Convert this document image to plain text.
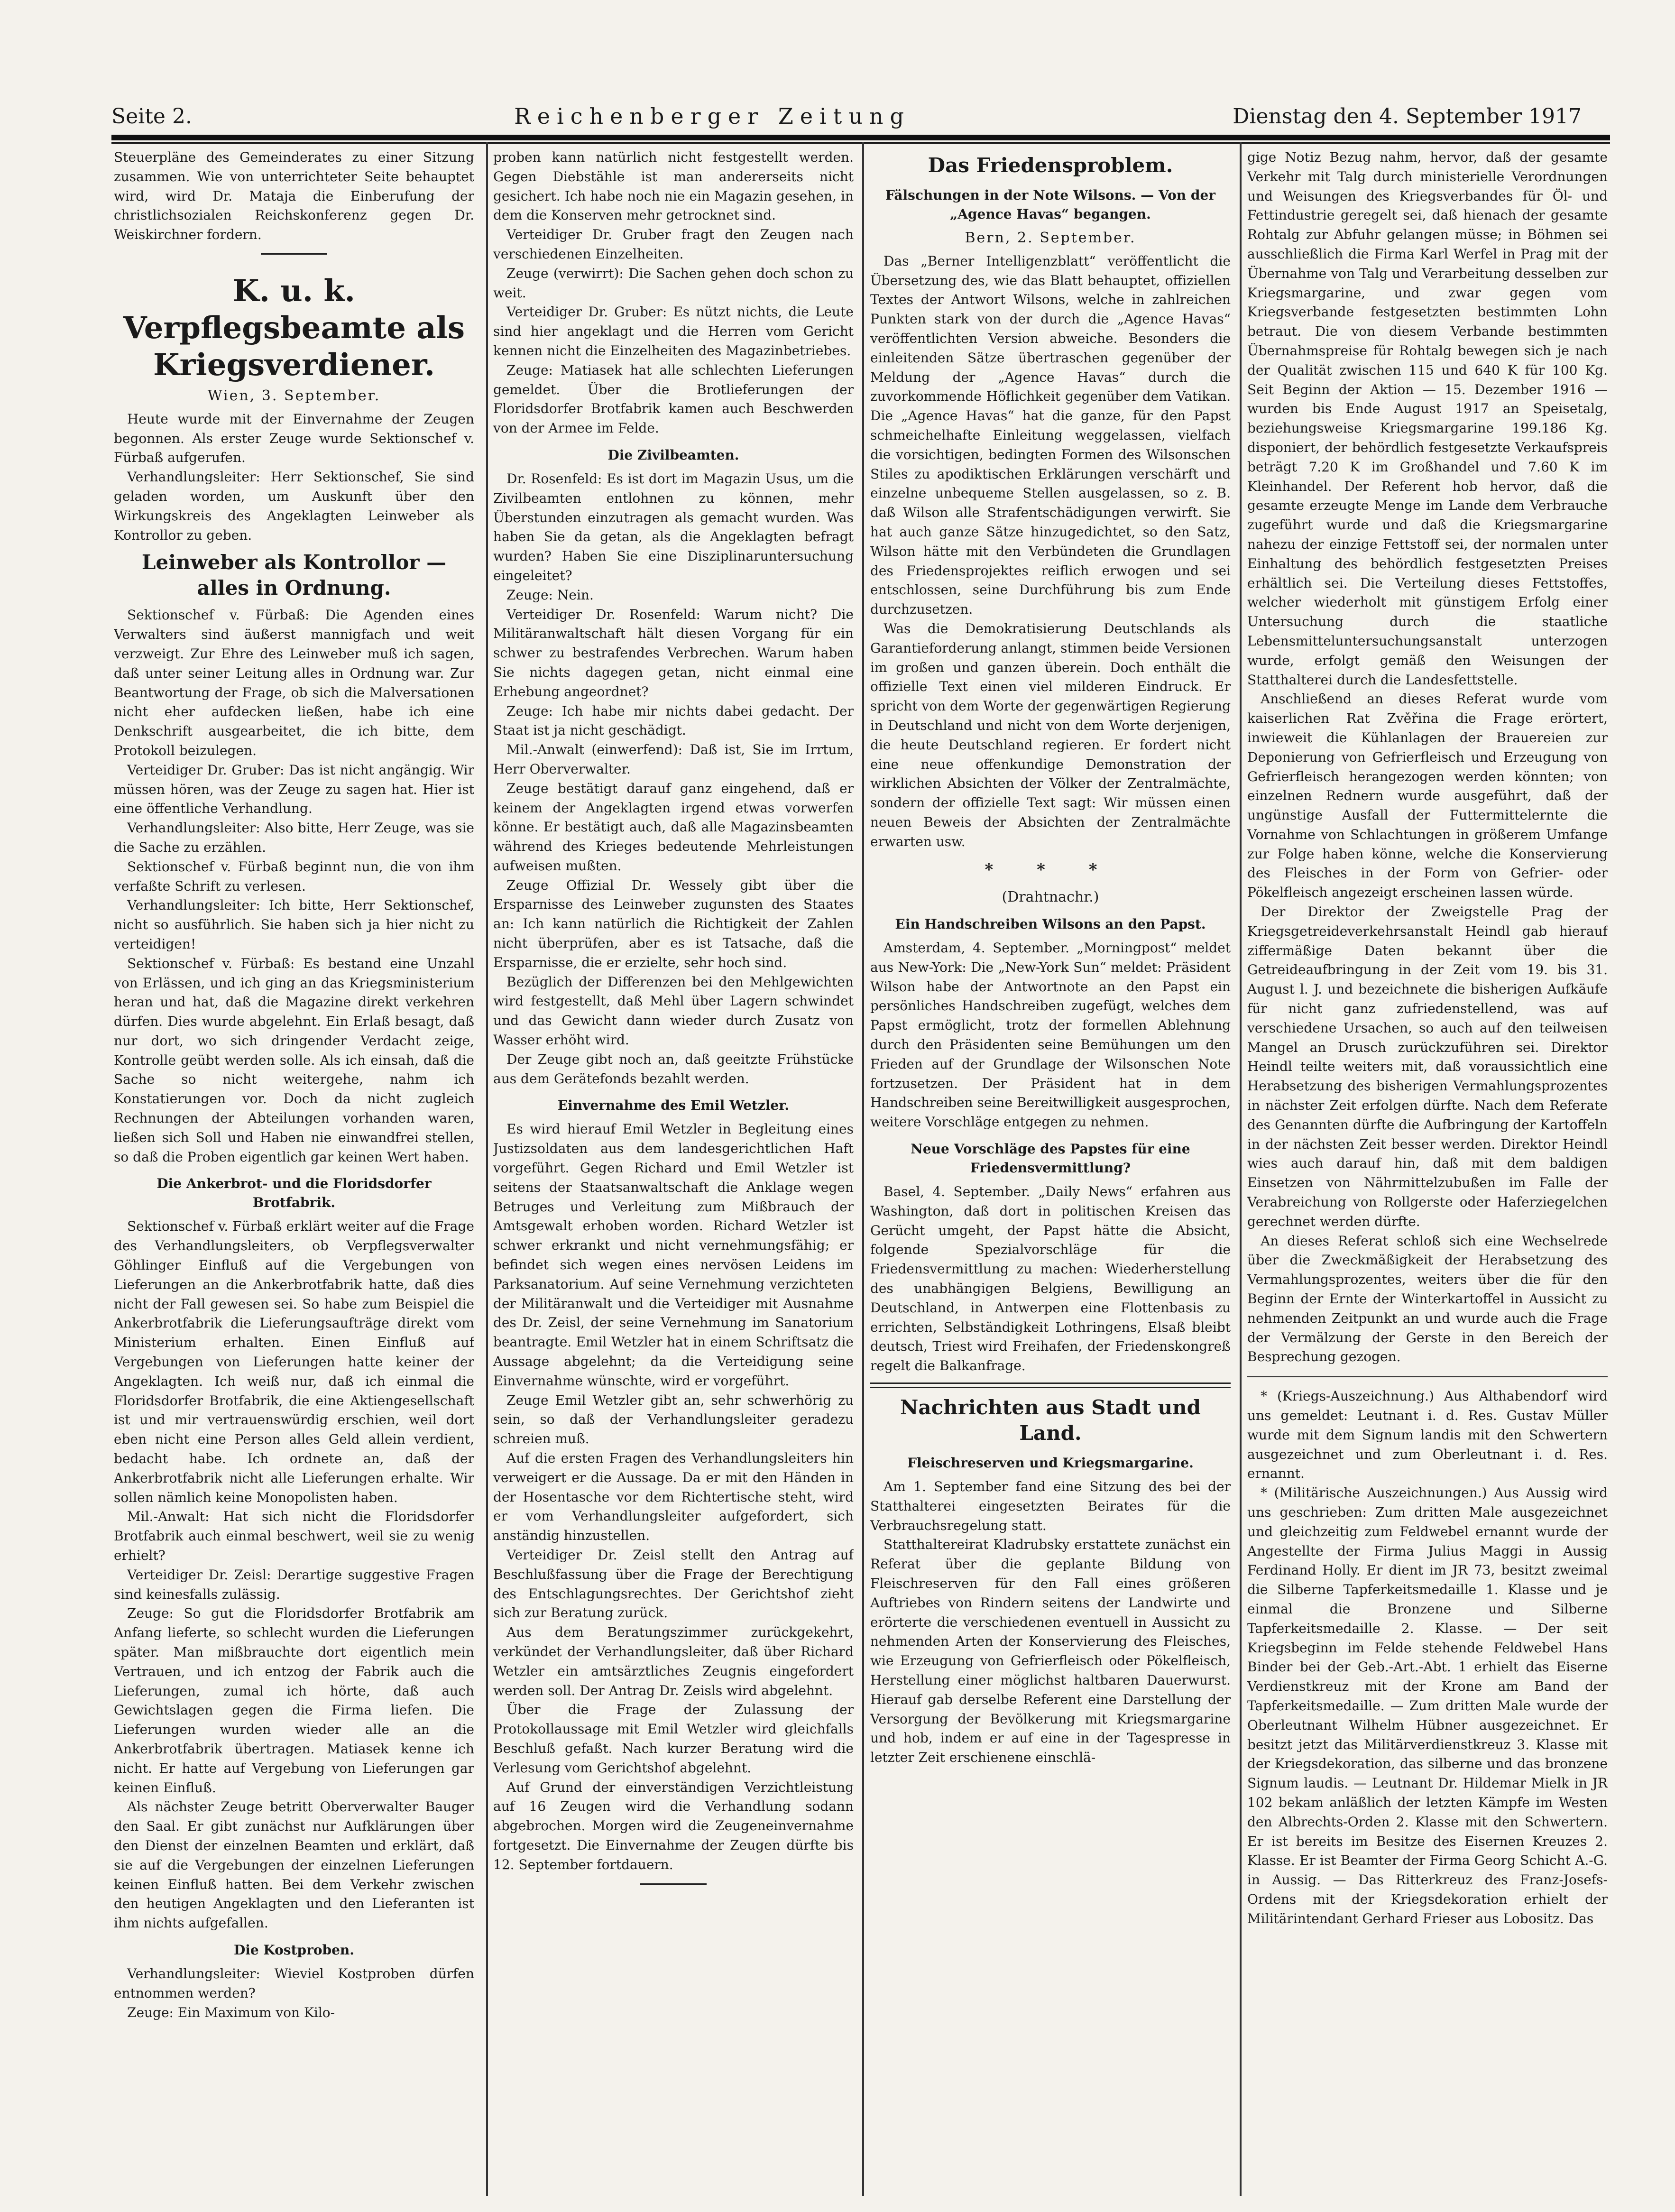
Seite 2.	Reichenberger Zeitung	Dienstag den 4. September 1917

Steuerpläne des Gemeinderates zu einer Sitzung zusammen. Wie von unterrichteter Seite behauptet wird, wird Dr. Mataja die Einberufung der christlichsozialen Reichskonferenz gegen Dr. Weiskirchner fordern.

K. u. k. Verpflegsbeamte als Kriegsverdiener.
Wien, 3. September.

Heute wurde mit der Einvernahme der Zeugen begonnen. Als erster Zeuge wurde Sektionschef v. Fürbaß aufgerufen.

Verhandlungsleiter: Herr Sektionschef, Sie sind geladen worden, um Auskunft über den Wirkungskreis des Angeklagten Leinweber als Kontrollor zu geben.

Leinweber als Kontrollor — alles in Ordnung.

Sektionschef v. Fürbaß: Die Agenden eines Verwalters sind äußerst mannigfach und weit verzweigt. Zur Ehre des Leinweber muß ich sagen, daß unter seiner Leitung alles in Ordnung war. Zur Beantwortung der Frage, ob sich die Malversationen nicht eher aufdecken ließen, habe ich eine Denkschrift ausgearbeitet, die ich bitte, dem Protokoll beizulegen.

Verteidiger Dr. Gruber: Das ist nicht angängig. Wir müssen hören, was der Zeuge zu sagen hat. Hier ist eine öffentliche Verhandlung.

Verhandlungsleiter: Also bitte, Herr Zeuge, was sie die Sache zu erzählen.

Sektionschef v. Fürbaß beginnt nun, die von ihm verfaßte Schrift zu verlesen.

Verhandlungsleiter: Ich bitte, Herr Sektionschef, nicht so ausführlich. Sie haben sich ja hier nicht zu verteidigen!

Sektionschef v. Fürbaß: Es bestand eine Unzahl von Erlässen, und ich ging an das Kriegsministerium heran und hat, daß die Magazine direkt verkehren dürfen. Dies wurde abgelehnt. Ein Erlaß besagt, daß nur dort, wo sich dringender Verdacht zeige, Kontrolle geübt werden solle. Als ich einsah, daß die Sache so nicht weitergehe, nahm ich Konstatierungen vor. Doch da nicht zugleich Rechnungen der Abteilungen vorhanden waren, ließen sich Soll und Haben nie einwandfrei stellen, so daß die Proben eigentlich gar keinen Wert haben.

Die Ankerbrot- und die Floridsdorfer Brotfabrik.

Sektionschef v. Fürbaß erklärt weiter auf die Frage des Verhandlungsleiters, ob Verpflegsverwalter Göhlinger Einfluß auf die Vergebungen von Lieferungen an die Ankerbrotfabrik hatte, daß dies nicht der Fall gewesen sei. So habe zum Beispiel die Ankerbrotfabrik die Lieferungsaufträge direkt vom Ministerium erhalten. Einen Einfluß auf Vergebungen von Lieferungen hatte keiner der Angeklagten. Ich weiß nur, daß ich einmal die Floridsdorfer Brotfabrik, die eine Aktiengesellschaft ist und mir vertrauenswürdig erschien, weil dort eben nicht eine Person alles Geld allein verdient, bedacht habe. Ich ordnete an, daß der Ankerbrotfabrik nicht alle Lieferungen erhalte. Wir sollen nämlich keine Monopolisten haben.

Mil.-Anwalt: Hat sich nicht die Floridsdorfer Brotfabrik auch einmal beschwert, weil sie zu wenig erhielt?

Verteidiger Dr. Zeisl: Derartige suggestive Fragen sind keinesfalls zulässig.

Zeuge: So gut die Floridsdorfer Brotfabrik am Anfang lieferte, so schlecht wurden die Lieferungen später. Man mißbrauchte dort eigentlich mein Vertrauen, und ich entzog der Fabrik auch die Lieferungen, zumal ich hörte, daß auch Gewichtslagen gegen die Firma liefen. Die Lieferungen wurden wieder alle an die Ankerbrotfabrik übertragen. Matiasek kenne ich nicht. Er hatte auf Vergebung von Lieferungen gar keinen Einfluß.

Als nächster Zeuge betritt Oberverwalter Bauger den Saal. Er gibt zunächst nur Aufklärungen über den Dienst der einzelnen Beamten und erklärt, daß sie auf die Vergebungen der einzelnen Lieferungen keinen Einfluß hatten. Bei dem Verkehr zwischen den heutigen Angeklagten und den Lieferanten ist ihm nichts aufgefallen.

Die Kostproben.

Verhandlungsleiter: Wieviel Kostproben dürfen entnommen werden?

Zeuge: Ein Maximum von Kilo-

proben kann natürlich nicht festgestellt werden. Gegen Diebstähle ist man andererseits nicht gesichert. Ich habe noch nie ein Magazin gesehen, in dem die Konserven mehr getrocknet sind.

Verteidiger Dr. Gruber fragt den Zeugen nach verschiedenen Einzelheiten.

Zeuge (verwirrt): Die Sachen gehen doch schon zu weit.

Verteidiger Dr. Gruber: Es nützt nichts, die Leute sind hier angeklagt und die Herren vom Gericht kennen nicht die Einzelheiten des Magazinbetriebes.

Zeuge: Matiasek hat alle schlechten Lieferungen gemeldet. Über die Brotlieferungen der Floridsdorfer Brotfabrik kamen auch Beschwerden von der Armee im Felde.

Die Zivilbeamten.

Dr. Rosenfeld: Es ist dort im Magazin Usus, um die Zivilbeamten entlohnen zu können, mehr Überstunden einzutragen als gemacht wurden. Was haben Sie da getan, als die Angeklagten befragt wurden? Haben Sie eine Disziplinaruntersuchung eingeleitet?

Zeuge: Nein.

Verteidiger Dr. Rosenfeld: Warum nicht? Die Militäranwaltschaft hält diesen Vorgang für ein schwer zu bestrafendes Verbrechen. Warum haben Sie nichts dagegen getan, nicht einmal eine Erhebung angeordnet?

Zeuge: Ich habe mir nichts dabei gedacht. Der Staat ist ja nicht geschädigt.

Mil.-Anwalt (einwerfend): Daß ist, Sie im Irrtum, Herr Oberverwalter.

Zeuge bestätigt darauf ganz eingehend, daß er keinem der Angeklagten irgend etwas vorwerfen könne. Er bestätigt auch, daß alle Magazinsbeamten während des Krieges bedeutende Mehrleistungen aufweisen mußten.

Zeuge Offizial Dr. Wessely gibt über die Ersparnisse des Leinweber zugunsten des Staates an: Ich kann natürlich die Richtigkeit der Zahlen nicht überprüfen, aber es ist Tatsache, daß die Ersparnisse, die er erzielte, sehr hoch sind.

Bezüglich der Differenzen bei den Mehlgewichten wird festgestellt, daß Mehl über Lagern schwindet und das Gewicht dann wieder durch Zusatz von Wasser erhöht wird.

Der Zeuge gibt noch an, daß geeitzte Frühstücke aus dem Gerätefonds bezahlt werden.

Einvernahme des Emil Wetzler.

Es wird hierauf Emil Wetzler in Begleitung eines Justizsoldaten aus dem landesgerichtlichen Haft vorgeführt. Gegen Richard und Emil Wetzler ist seitens der Staatsanwaltschaft die Anklage wegen Betruges und Verleitung zum Mißbrauch der Amtsgewalt erhoben worden. Richard Wetzler ist schwer erkrankt und nicht vernehmungsfähig; er befindet sich wegen eines nervösen Leidens im Parksanatorium. Auf seine Vernehmung verzichteten der Militäranwalt und die Verteidiger mit Ausnahme des Dr. Zeisl, der seine Vernehmung im Sanatorium beantragte. Emil Wetzler hat in einem Schriftsatz die Aussage abgelehnt; da die Verteidigung seine Einvernahme wünschte, wird er vorgeführt.

Zeuge Emil Wetzler gibt an, sehr schwerhörig zu sein, so daß der Verhandlungsleiter geradezu schreien muß.

Auf die ersten Fragen des Verhandlungsleiters hin verweigert er die Aussage. Da er mit den Händen in der Hosentasche vor dem Richtertische steht, wird er vom Verhandlungsleiter aufgefordert, sich anständig hinzustellen.

Verteidiger Dr. Zeisl stellt den Antrag auf Beschlußfassung über die Frage der Berechtigung des Entschlagungsrechtes. Der Gerichtshof zieht sich zur Beratung zurück.

Aus dem Beratungszimmer zurückgekehrt, verkündet der Verhandlungsleiter, daß über Richard Wetzler ein amtsärztliches Zeugnis eingefordert werden soll. Der Antrag Dr. Zeisls wird abgelehnt.

Über die Frage der Zulassung der Protokollaussage mit Emil Wetzler wird gleichfalls Beschluß gefaßt. Nach kurzer Beratung wird die Verlesung vom Gerichtshof abgelehnt.

Auf Grund der einverständigen Verzichtleistung auf 16 Zeugen wird die Verhandlung sodann abgebrochen. Morgen wird die Zeugeneinvernahme fortgesetzt. Die Einvernahme der Zeugen dürfte bis 12. September fortdauern.

Das Friedensproblem.
Fälschungen in der Note Wilsons. — Von der „Agence Havas“ begangen.
Bern, 2. September.

Das „Berner Intelligenzblatt“ veröffentlicht die Übersetzung des, wie das Blatt behauptet, offiziellen Textes der Antwort Wilsons, welche in zahlreichen Punkten stark von der durch die „Agence Havas“ veröffentlichten Version abweiche. Besonders die einleitenden Sätze übertraschen gegenüber der Meldung der „Agence Havas“ durch die zuvorkommende Höflichkeit gegenüber dem Vatikan. Die „Agence Havas“ hat die ganze, für den Papst schmeichelhafte Einleitung weggelassen, vielfach die vorsichtigen, bedingten Formen des Wilsonschen Stiles zu apodiktischen Erklärungen verschärft und einzelne unbequeme Stellen ausgelassen, so z. B. daß Wilson alle Strafentschädigungen verwirft. Sie hat auch ganze Sätze hinzugedichtet, so den Satz, Wilson hätte mit den Verbündeten die Grundlagen des Friedensprojektes reiflich erwogen und sei entschlossen, seine Durchführung bis zum Ende durchzusetzen.

Was die Demokratisierung Deutschlands als Garantieforderung anlangt, stimmen beide Versionen im großen und ganzen überein. Doch enthält die offizielle Text einen viel milderen Eindruck. Er spricht von dem Worte der gegenwärtigen Regierung in Deutschland und nicht von dem Worte derjenigen, die heute Deutschland regieren. Er fordert nicht eine neue offenkundige Demonstration der wirklichen Absichten der Völker der Zentralmächte, sondern der offizielle Text sagt: Wir müssen einen neuen Beweis der Absichten der Zentralmächte erwarten usw.

* * *
(Drahtnachr.)
Ein Handschreiben Wilsons an den Papst.

Amsterdam, 4. September. „Morningpost“ meldet aus New-York: Die „New-York Sun“ meldet: Präsident Wilson habe der Antwortnote an den Papst ein persönliches Handschreiben zugefügt, welches dem Papst ermöglicht, trotz der formellen Ablehnung durch den Präsidenten seine Bemühungen um den Frieden auf der Grundlage der Wilsonschen Note fortzusetzen. Der Präsident hat in dem Handschreiben seine Bereitwilligkeit ausgesprochen, weitere Vorschläge entgegen zu nehmen.

Neue Vorschläge des Papstes für eine Friedensvermittlung?

Basel, 4. September. „Daily News“ erfahren aus Washington, daß dort in politischen Kreisen das Gerücht umgeht, der Papst hätte die Absicht, folgende Spezialvorschläge für die Friedensvermittlung zu machen: Wiederherstellung des unabhängigen Belgiens, Bewilligung an Deutschland, in Antwerpen eine Flottenbasis zu errichten, Selbständigkeit Lothringens, Elsaß bleibt deutsch, Triest wird Freihafen, der Friedenskongreß regelt die Balkanfrage.

Nachrichten aus Stadt und Land.
Fleischreserven und Kriegsmargarine.

Am 1. September fand eine Sitzung des bei der Statthalterei eingesetzten Beirates für die Verbrauchsregelung statt.

Statthaltereirat Kladrubsky erstattete zunächst ein Referat über die geplante Bildung von Fleischreserven für den Fall eines größeren Auftriebes von Rindern seitens der Landwirte und erörterte die verschiedenen eventuell in Aussicht zu nehmenden Arten der Konservierung des Fleisches, wie Erzeugung von Gefrierfleisch oder Pökelfleisch, Herstellung einer möglichst haltbaren Dauerwurst. Hierauf gab derselbe Referent eine Darstellung der Versorgung der Bevölkerung mit Kriegsmargarine und hob, indem er auf eine in der Tagespresse in letzter Zeit erschienene einschlä-

gige Notiz Bezug nahm, hervor, daß der gesamte Verkehr mit Talg durch ministerielle Verordnungen und Weisungen des Kriegsverbandes für Öl- und Fettindustrie geregelt sei, daß hienach der gesamte Rohtalg zur Abfuhr gelangen müsse; in Böhmen sei ausschließlich die Firma Karl Werfel in Prag mit der Übernahme von Talg und Verarbeitung desselben zur Kriegsmargarine, und zwar gegen vom Kriegsverbande festgesetzten bestimmten Lohn betraut. Die von diesem Verbande bestimmten Übernahmspreise für Rohtalg bewegen sich je nach der Qualität zwischen 115 und 640 K für 100 Kg. Seit Beginn der Aktion — 15. Dezember 1916 — wurden bis Ende August 1917 an Speisetalg, beziehungsweise Kriegsmargarine 199.186 Kg. disponiert, der behördlich festgesetzte Verkaufspreis beträgt 7.20 K im Großhandel und 7.60 K im Kleinhandel. Der Referent hob hervor, daß die gesamte erzeugte Menge im Lande dem Verbrauche zugeführt wurde und daß die Kriegsmargarine nahezu der einzige Fettstoff sei, der normalen unter Einhaltung des behördlich festgesetzten Preises erhältlich sei. Die Verteilung dieses Fettstoffes, welcher wiederholt mit günstigem Erfolg einer Untersuchung durch die staatliche Lebensmitteluntersuchungsanstalt unterzogen wurde, erfolgt gemäß den Weisungen der Statthalterei durch die Landesfettstelle.

Anschließend an dieses Referat wurde vom kaiserlichen Rat Zvěřina die Frage erörtert, inwieweit die Kühlanlagen der Brauereien zur Deponierung von Gefrierfleisch und Erzeugung von Gefrierfleisch herangezogen werden könnten; von einzelnen Rednern wurde ausgeführt, daß der ungünstige Ausfall der Futtermittelernte die Vornahme von Schlachtungen in größerem Umfange zur Folge haben könne, welche die Konservierung des Fleisches in der Form von Gefrier- oder Pökelfleisch angezeigt erscheinen lassen würde.

Der Direktor der Zweigstelle Prag der Kriegsgetreideverkehrsanstalt Heindl gab hierauf ziffermäßige Daten bekannt über die Getreideaufbringung in der Zeit vom 19. bis 31. August l. J. und bezeichnete die bisherigen Aufkäufe für nicht ganz zufriedenstellend, was auf verschiedene Ursachen, so auch auf den teilweisen Mangel an Drusch zurückzuführen sei. Direktor Heindl teilte weiters mit, daß voraussichtlich eine Herabsetzung des bisherigen Vermahlungsprozentes in nächster Zeit erfolgen dürfte. Nach dem Referate des Genannten dürfte die Aufbringung der Kartoffeln in der nächsten Zeit besser werden. Direktor Heindl wies auch darauf hin, daß mit dem baldigen Einsetzen von Nährmittelzubußen im Falle der Verabreichung von Rollgerste oder Haferziegelchen gerechnet werden dürfte.

An dieses Referat schloß sich eine Wechselrede über die Zweckmäßigkeit der Herabsetzung des Vermahlungsprozentes, weiters über die für den Beginn der Ernte der Winterkartoffel in Aussicht zu nehmenden Zeitpunkt an und wurde auch die Frage der Vermälzung der Gerste in den Bereich der Besprechung gezogen.

* (Kriegs-Auszeichnung.) Aus Althabendorf wird uns gemeldet: Leutnant i. d. Res. Gustav Müller wurde mit dem Signum landis mit den Schwertern ausgezeichnet und zum Oberleutnant i. d. Res. ernannt.

* (Militärische Auszeichnungen.) Aus Aussig wird uns geschrieben: Zum dritten Male ausgezeichnet und gleichzeitig zum Feldwebel ernannt wurde der Angestellte der Firma Julius Maggi in Aussig Ferdinand Holly. Er dient im JR 73, besitzt zweimal die Silberne Tapferkeitsmedaille 1. Klasse und je einmal die Bronzene und Silberne Tapferkeitsmedaille 2. Klasse. — Der seit Kriegsbeginn im Felde stehende Feldwebel Hans Binder bei der Geb.-Art.-Abt. 1 erhielt das Eiserne Verdienstkreuz mit der Krone am Band der Tapferkeitsmedaille. — Zum dritten Male wurde der Oberleutnant Wilhelm Hübner ausgezeichnet. Er besitzt jetzt das Militärverdienstkreuz 3. Klasse mit der Kriegsdekoration, das silberne und das bronzene Signum laudis. — Leutnant Dr. Hildemar Mielk in JR 102 bekam anläßlich der letzten Kämpfe im Westen den Albrechts-Orden 2. Klasse mit den Schwertern. Er ist bereits im Besitze des Eisernen Kreuzes 2. Klasse. Er ist Beamter der Firma Georg Schicht A.-G. in Aussig. — Das Ritterkreuz des Franz-Josefs-Ordens mit der Kriegsdekoration erhielt der Militärintendant Gerhard Frieser aus Lobositz. Das
